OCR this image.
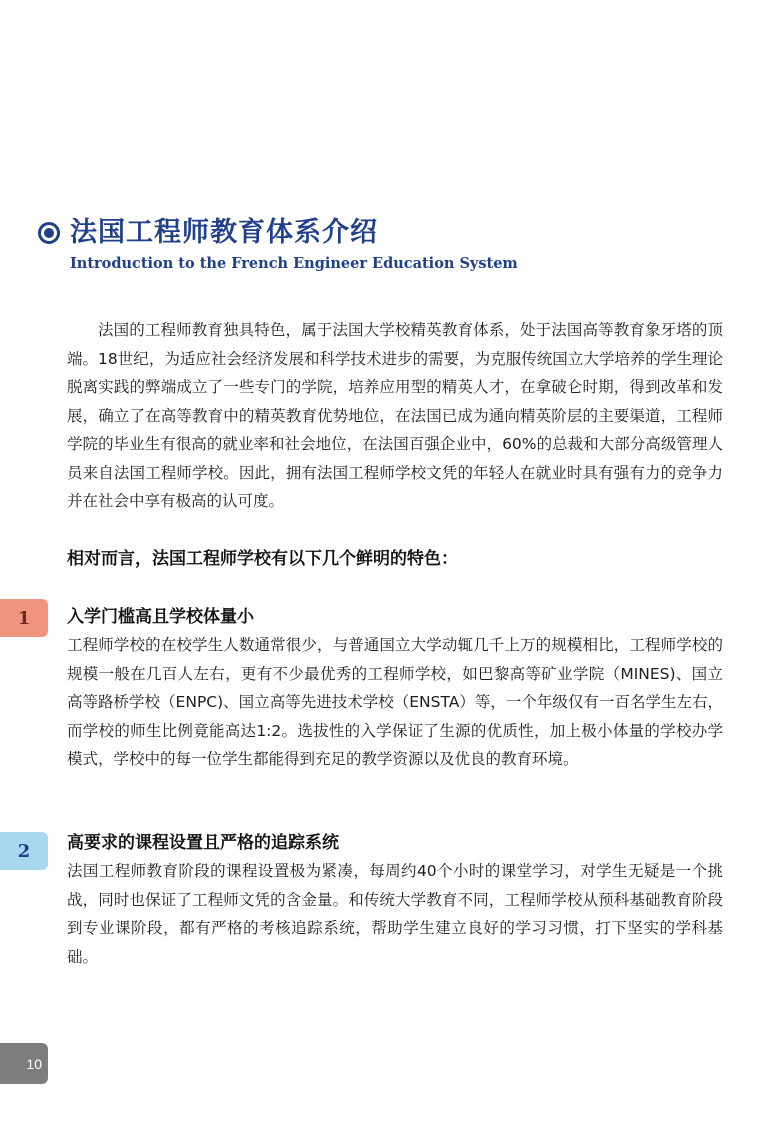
法国工程师教育体系介绍
Introduction to the French Engineer Education System

法国的工程师教育独具特色，属于法国大学校精英教育体系，处于法国高等教育象牙塔的顶端。18世纪，为适应社会经济发展和科学技术进步的需要，为克服传统国立大学培养的学生理论脱离实践的弊端成立了一些专门的学院，培养应用型的精英人才，在拿破仑时期，得到改革和发展，确立了在高等教育中的精英教育优势地位，在法国已成为通向精英阶层的主要渠道，工程师学院的毕业生有很高的就业率和社会地位，在法国百强企业中，60%的总裁和大部分高级管理人员来自法国工程师学校。因此，拥有法国工程师学校文凭的年轻人在就业时具有强有力的竞争力并在社会中享有极高的认可度。

相对而言，法国工程师学校有以下几个鲜明的特色：
1	入学门槛高且学校体量小

工程师学校的在校学生人数通常很少，与普通国立大学动辄几千上万的规模相比，工程师学校的规模一般在几百人左右，更有不少最优秀的工程师学校，如巴黎高等矿业学院（MINES)、国立高等路桥学校（ENPC)、国立高等先进技术学校（ENSTA）等，一个年级仅有一百名学生左右，而学校的师生比例竟能高达1:2。选拔性的入学保证了生源的优质性，加上极小体量的学校办学模式，学校中的每一位学生都能得到充足的教学资源以及优良的教育环境。

2	高要求的课程设置且严格的追踪系统

法国工程师教育阶段的课程设置极为紧凑，每周约40个小时的课堂学习，对学生无疑是一个挑战，同时也保证了工程师文凭的含金量。和传统大学教育不同，工程师学校从预科基础教育阶段到专业课阶段，都有严格的考核追踪系统，帮助学生建立良好的学习习惯，打下坚实的学科基础。

10
